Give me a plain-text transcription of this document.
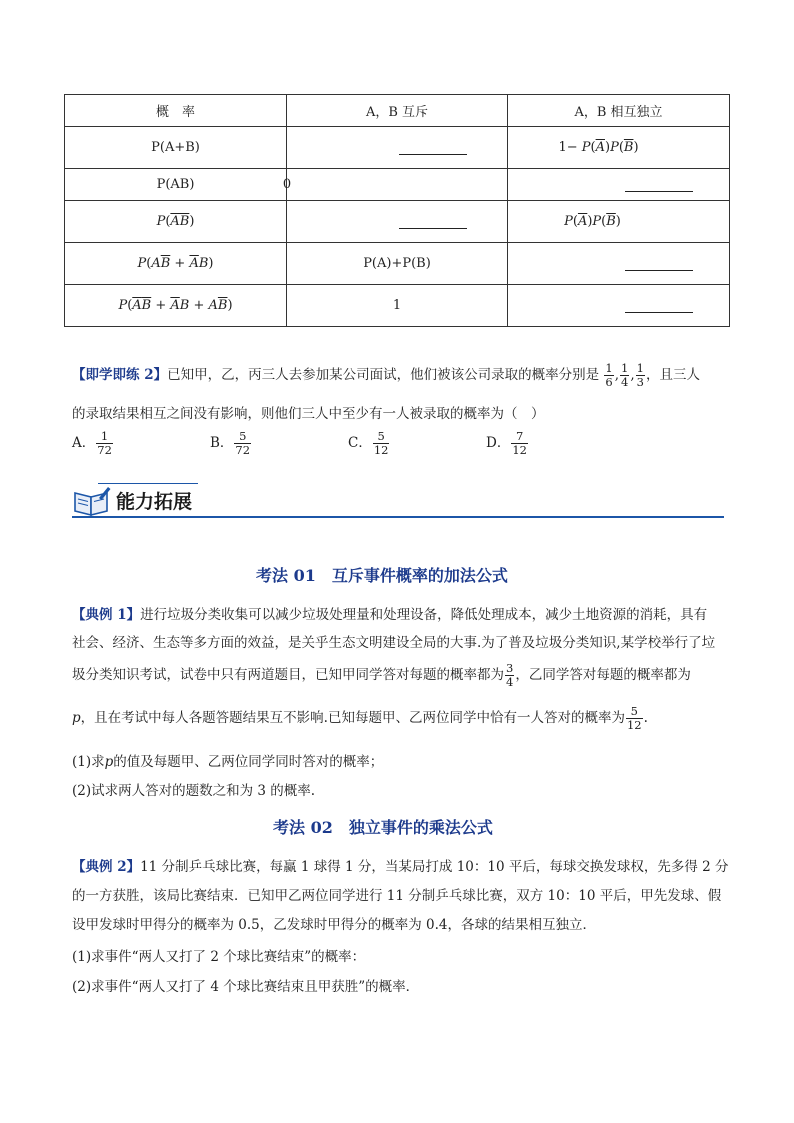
概　率	A，B 互斥	A，B 相互独立
P(A+B)		$1- P(\overline{A})P(\overline{B})$
P(AB)	0	
$P(\overline{AB})$		$P(\overline{A})P(\overline{B})$
$P(A\overline{B} + \overline{A}B)$	P(A)+P(B)	
$P(\overline{A}\overline{B} + \overline{A}B + A\overline{B})$	1	
【即学即练 2】已知甲，乙，丙三人去参加某公司面试，他们被该公司录取的概率分别是 $\frac{1}{6}$ , $\frac{1}{4}$ , $\frac{1}{3}$ ，且三人
的录取结果相互之间没有影响，则他们三人中至少有一人被录取的概率为（　）
A． $\frac{1}{72}$	B． $\frac{5}{72}$	C． $\frac{5}{12}$	D． $\frac{7}{12}$
能力拓展
考法 01　互斥事件概率的加法公式
【典例 1】进行垃圾分类收集可以减少垃圾处理量和处理设备，降低处理成本，减少土地资源的消耗，具有
社会、经济、生态等多方面的效益，是关乎生态文明建设全局的大事.为了普及垃圾分类知识,某学校举行了垃
圾分类知识考试，试卷中只有两道题目，已知甲同学答对每题的概率都为 $\frac{3}{4}$ ，乙同学答对每题的概率都为
p，且在考试中每人各题答题结果互不影响.已知每题甲、乙两位同学中恰有一人答对的概率为 $\frac{5}{12}$ .
(1)求p的值及每题甲、乙两位同学同时答对的概率；
(2)试求两人答对的题数之和为 3 的概率.
考法 02　独立事件的乘法公式
【典例 2】11 分制乒乓球比赛，每赢 1 球得 1 分，当某局打成 10：10 平后，每球交换发球权，先多得 2 分
的一方获胜，该局比赛结束．已知甲乙两位同学进行 11 分制乒乓球比赛，双方 10：10 平后，甲先发球、假
设甲发球时甲得分的概率为 0.5，乙发球时甲得分的概率为 0.4，各球的结果相互独立．
(1)求事件“两人又打了 2 个球比赛结束”的概率：
(2)求事件“两人又打了 4 个球比赛结束且甲获胜”的概率．
